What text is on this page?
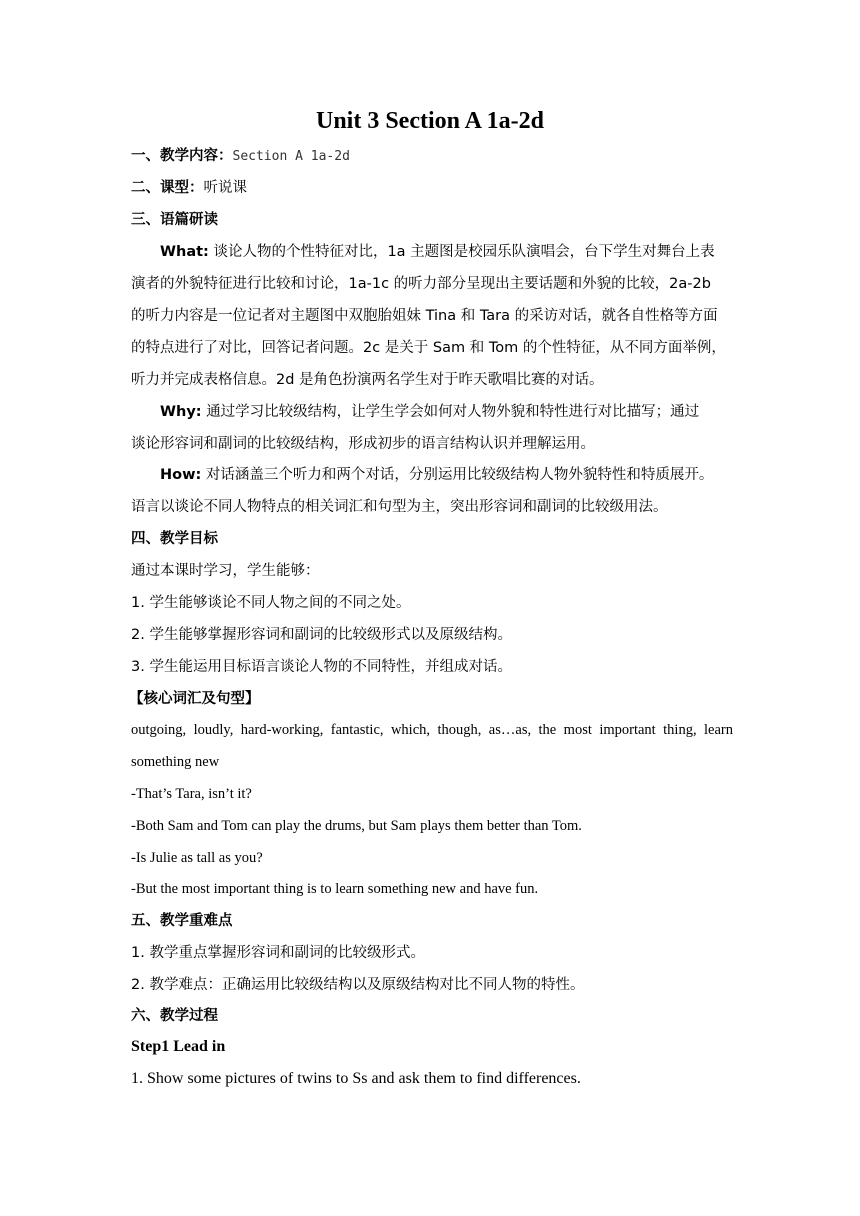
Unit 3 Section A 1a-2d
一、教学内容：Section A 1a-2d
二、课型：听说课
三、语篇研读
What: 谈论人物的个性特征对比，1a 主题图是校园乐队演唱会，台下学生对舞台上表
演者的外貌特征进行比较和讨论，1a-1c 的听力部分呈现出主要话题和外貌的比较，2a-2b
的听力内容是一位记者对主题图中双胞胎姐妹 Tina 和 Tara 的采访对话，就各自性格等方面
的特点进行了对比，回答记者问题。2c 是关于 Sam 和 Tom 的个性特征，从不同方面举例，
听力并完成表格信息。2d 是角色扮演两名学生对于昨天歌唱比赛的对话。
Why: 通过学习比较级结构，让学生学会如何对人物外貌和特性进行对比描写；通过
谈论形容词和副词的比较级结构，形成初步的语言结构认识并理解运用。
How: 对话涵盖三个听力和两个对话，分别运用比较级结构人物外貌特性和特质展开。
语言以谈论不同人物特点的相关词汇和句型为主，突出形容词和副词的比较级用法。
四、教学目标
通过本课时学习，学生能够：
1. 学生能够谈论不同人物之间的不同之处。
2. 学生能够掌握形容词和副词的比较级形式以及原级结构。
3. 学生能运用目标语言谈论人物的不同特性，并组成对话。
【核心词汇及句型】
outgoing, loudly, hard-working, fantastic, which, though, as…as, the most important thing, learn
something new
-That’s Tara, isn’t it?
-Both Sam and Tom can play the drums, but Sam plays them better than Tom.
-Is Julie as tall as you?
-But the most important thing is to learn something new and have fun.
五、教学重难点
1. 教学重点掌握形容词和副词的比较级形式。
2. 教学难点：正确运用比较级结构以及原级结构对比不同人物的特性。
六、教学过程
Step1 Lead in
1. Show some pictures of twins to Ss and ask them to find differences.
